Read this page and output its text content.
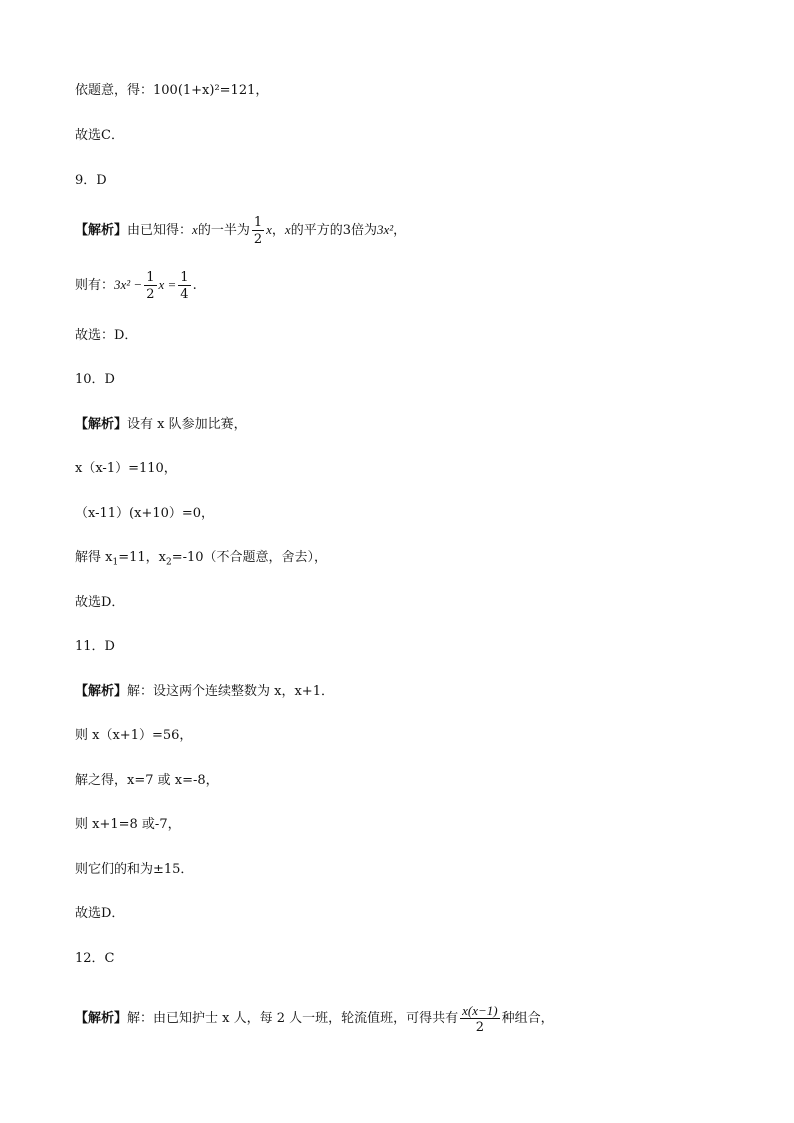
依题意，得：100(1+x)²=121，
故选C．
9．D
【解析】由已知得：x的一半为 $\frac{1}{2}$ x，x的平方的3倍为3x²，
则有：$3x^2 - \frac{1}{2}$ $x = \frac{1}{4}$ .
故选：D．
10．D
【解析】设有 x 队参加比赛，
x（x-1）=110，
（x-11）(x+10）=0，
解得 $x_1=11$，$x_2=-10$（不合题意，舍去），
故选D．
11．D
【解析】解：设这两个连续整数为 x，x+1．
则 x（x+1）=56，
解之得，x=7 或 x=-8，
则 x+1=8 或-7，
则它们的和为±15．
故选D．
12．C
【解析】解：由已知护士 x 人，每 2 人一班，轮流值班，可得共有 $\frac{x(x-1)}{2}$ 种组合，
